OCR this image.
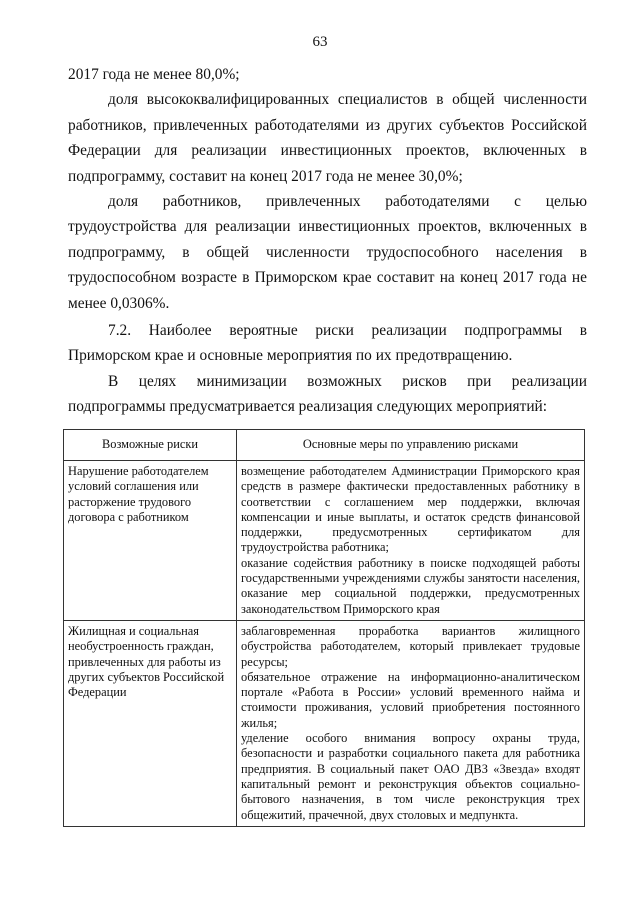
63

2017 года не менее 80,0%;

доля высококвалифицированных специалистов в общей численности работников, привлеченных работодателями из других субъектов Российской Федерации для реализации инвестиционных проектов, включенных в подпрограмму, составит на конец 2017 года не менее 30,0%;

доля работников, привлеченных работодателями с целью трудоустройства для реализации инвестиционных проектов, включенных в подпрограмму, в общей численности трудоспособного населения в трудоспособном возрасте в Приморском крае составит на конец 2017 года не менее 0,0306%.

7.2. Наиболее вероятные риски реализации подпрограммы в Приморском крае и основные мероприятия по их предотвращению.

В целях минимизации возможных рисков при реализации подпрограммы предусматривается реализация следующих мероприятий:

Возможные риски	Основные меры по управлению рисками
Нарушение работодателем условий соглашения или расторжение трудового договора с работником	возмещение работодателем Администрации Приморского края средств в размере фактически предоставленных работнику в соответствии с соглашением мер поддержки, включая компенсации и иные выплаты, и остаток средств финансовой поддержки, предусмотренных сертификатом для трудоустройства работника;
оказание содействия работнику в поиске подходящей работы государственными учреждениями службы занятости населения, оказание мер социальной поддержки, предусмотренных законодательством Приморского края

Жилищная и социальная необустроенность граждан, привлеченных для работы из других субъектов Российской Федерации	заблаговременная проработка вариантов жилищного обустройства работодателем, который привлекает трудовые ресурсы;
обязательное отражение на информационно-аналитическом портале «Работа в России» условий временного найма и стоимости проживания, условий приобретения постоянного жилья;
уделение особого внимания вопросу охраны труда, безопасности и разработки социального пакета для работника предприятия. В социальный пакет ОАО ДВЗ «Звезда» входят капитальный ремонт и реконструкция объектов социально-бытового назначения, в том числе реконструкция трех общежитий, прачечной, двух столовых и медпункта.
